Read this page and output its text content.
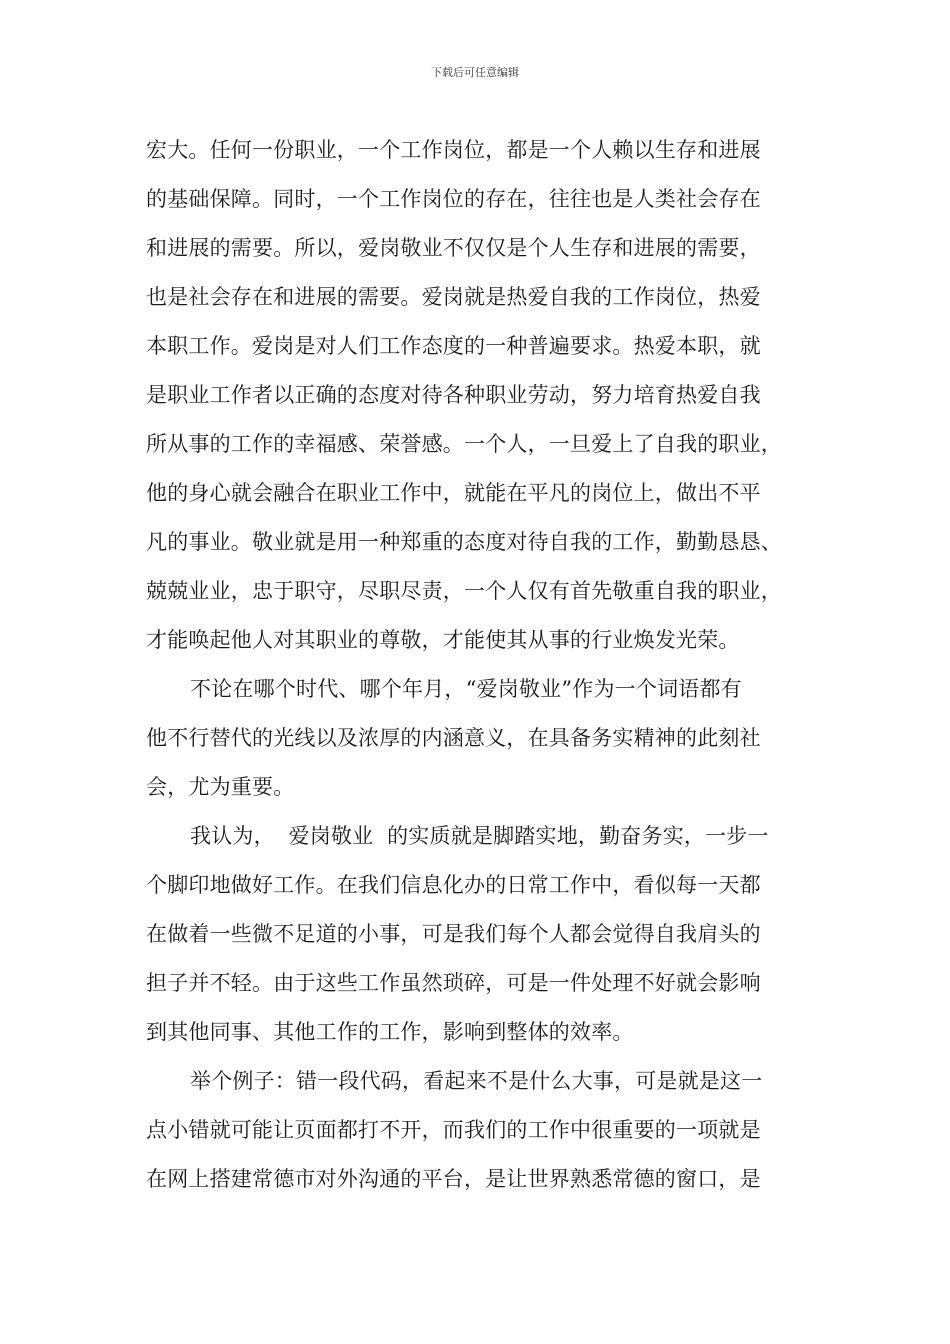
下载后可任意编辑
宏大。任何一份职业，一个工作岗位，都是一个人赖以生存和进展
的基础保障。同时，一个工作岗位的存在，往往也是人类社会存在
和进展的需要。所以，爱岗敬业不仅仅是个人生存和进展的需要，
也是社会存在和进展的需要。爱岗就是热爱自我的工作岗位，热爱
本职工作。爱岗是对人们工作态度的一种普遍要求。热爱本职，就
是职业工作者以正确的态度对待各种职业劳动，努力培育热爱自我
所从事的工作的幸福感、荣誉感。一个人，一旦爱上了自我的职业，
他的身心就会融合在职业工作中，就能在平凡的岗位上，做出不平
凡的事业。敬业就是用一种郑重的态度对待自我的工作，勤勤恳恳、
兢兢业业，忠于职守，尽职尽责，一个人仅有首先敬重自我的职业，
才能唤起他人对其职业的尊敬，才能使其从事的行业焕发光荣。
不论在哪个时代、哪个年月，“爱岗敬业”作为一个词语都有
他不行替代的光线以及浓厚的内涵意义，在具备务实精神的此刻社
会，尤为重要。
我认为，  爱岗敬业  的实质就是脚踏实地，勤奋务实，一步一
个脚印地做好工作。在我们信息化办的日常工作中，看似每一天都
在做着一些微不足道的小事，可是我们每个人都会觉得自我肩头的
担子并不轻。由于这些工作虽然琐碎，可是一件处理不好就会影响
到其他同事、其他工作的工作，影响到整体的效率。
举个例子：错一段代码，看起来不是什么大事，可是就是这一
点小错就可能让页面都打不开，而我们的工作中很重要的一项就是
在网上搭建常德市对外沟通的平台，是让世界熟悉常德的窗口，是
